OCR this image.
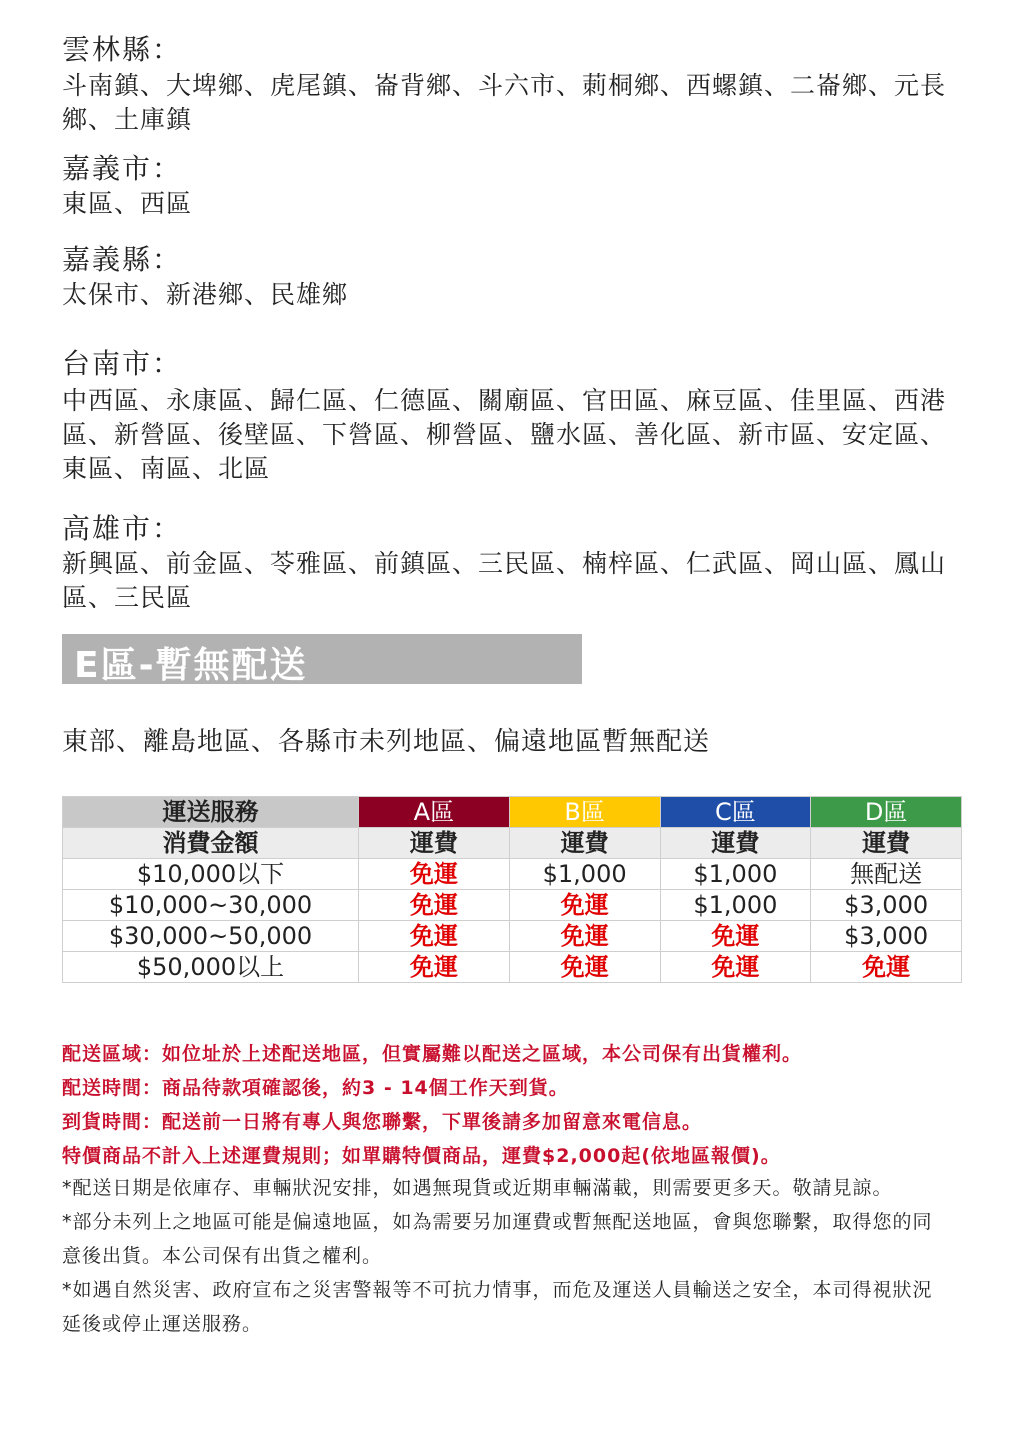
雲林縣：
斗南鎮、大埤鄉、虎尾鎮、崙背鄉、斗六市、莿桐鄉、西螺鎮、二崙鄉、元長鄉、土庫鎮
嘉義市：
東區、西區
嘉義縣：
太保市、新港鄉、民雄鄉
台南市：
中西區、永康區、歸仁區、仁德區、關廟區、官田區、麻豆區、佳里區、西港區、新營區、後壁區、下營區、柳營區、鹽水區、善化區、新市區、安定區、東區、南區、北區
高雄市：
新興區、前金區、苓雅區、前鎮區、三民區、楠梓區、仁武區、岡山區、鳳山區、三民區
E區-暫無配送
東部、離島地區、各縣市未列地區、偏遠地區暫無配送
運送服務	A區	B區	C區	D區
消費金額	運費	運費	運費	運費
$10,000以下	免運	$1,000	$1,000	無配送
$10,000~30,000	免運	免運	$1,000	$3,000
$30,000~50,000	免運	免運	免運	$3,000
$50,000以上	免運	免運	免運	免運
配送區域：如位址於上述配送地區，但實屬難以配送之區域，本公司保有出貨權利。
配送時間：商品待款項確認後，約3 - 14個工作天到貨。
到貨時間：配送前一日將有專人與您聯繫，下單後請多加留意來電信息。
特價商品不計入上述運費規則；如單購特價商品，運費$2,000起(依地區報價)。
*配送日期是依庫存、車輛狀況安排，如遇無現貨或近期車輛滿載，則需要更多天。敬請見諒。
*部分未列上之地區可能是偏遠地區，如為需要另加運費或暫無配送地區，會與您聯繫，取得您的同意後出貨。本公司保有出貨之權利。
*如遇自然災害、政府宣布之災害警報等不可抗力情事，而危及運送人員輸送之安全，本司得視狀況延後或停止運送服務。
